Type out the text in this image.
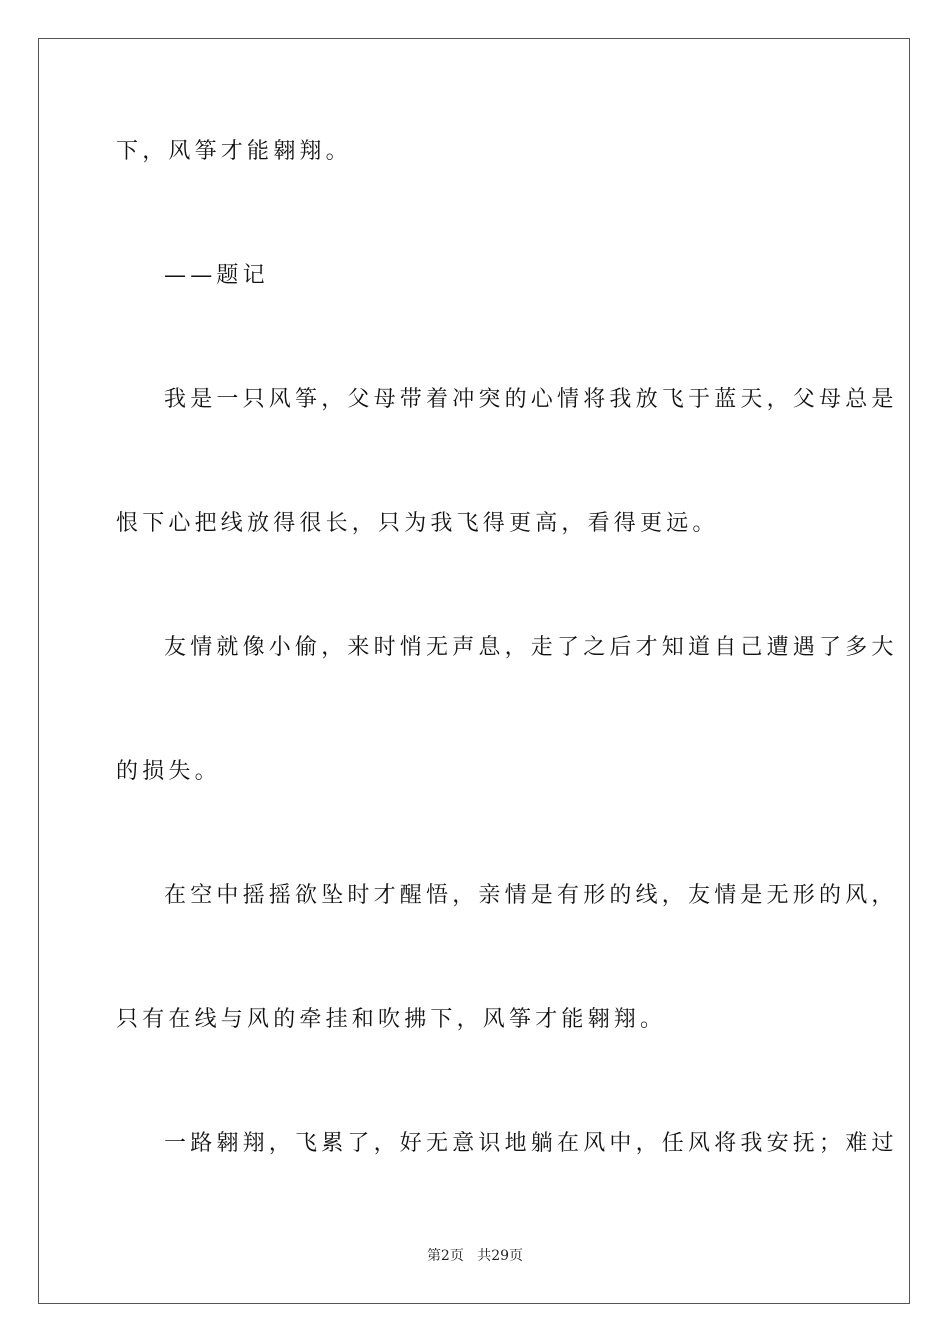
下，风筝才能翱翔。
——题记
我是一只风筝，父母带着冲突的心情将我放飞于蓝天，父母总是
恨下心把线放得很长，只为我飞得更高，看得更远。
友情就像小偷，来时悄无声息，走了之后才知道自己遭遇了多大
的损失。
在空中摇摇欲坠时才醒悟，亲情是有形的线，友情是无形的风，
只有在线与风的牵挂和吹拂下，风筝才能翱翔。
一路翱翔，飞累了，好无意识地躺在风中，任风将我安抚；难过
第2页 共29页
